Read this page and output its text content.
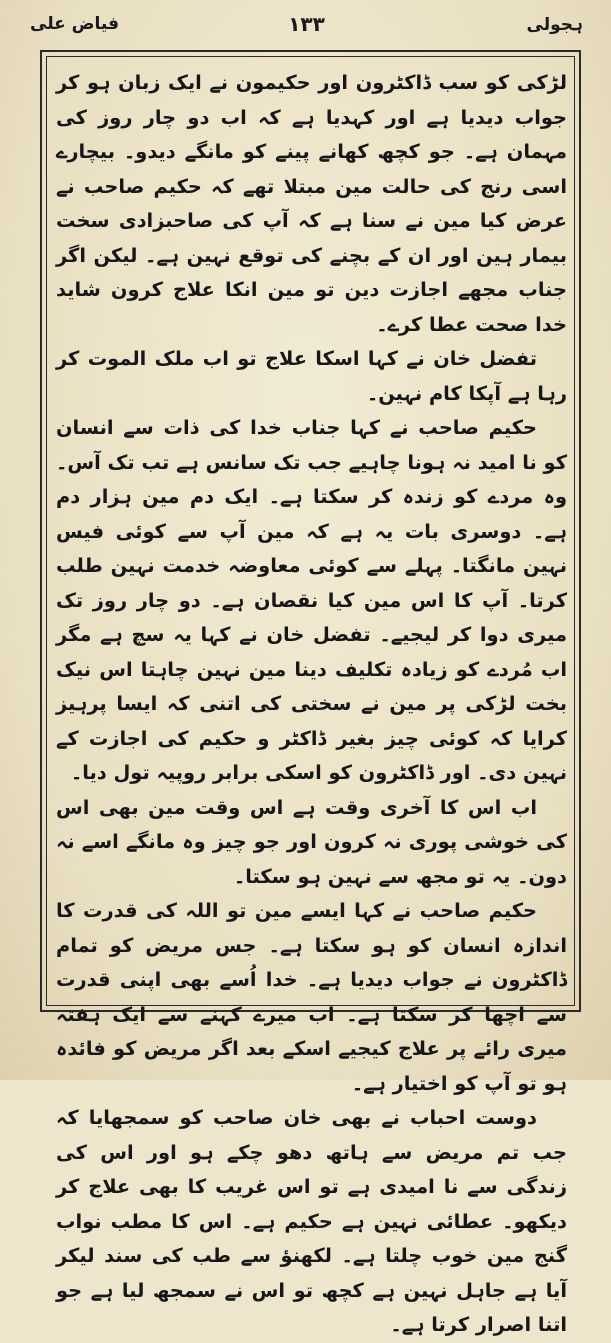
فیاض علی	۱۳۳	ہجولی

لڑکی کو سب ڈاکٹرون اور حکیمون نے ایک زبان ہو کر جواب دیدیا ہے اور کہدیا ہے کہ اب دو چار روز کی مہمان ہے۔ جو کچھ کھانے پینے کو مانگے دیدو۔ بیچارے اسی رنج کی حالت مین مبتلا تھے کہ حکیم صاحب نے عرض کیا مین نے سنا ہے کہ آپ کی صاحبزادی سخت بیمار ہین اور ان کے بچنے کی توقع نہین ہے۔ لیکن اگر جناب مجھے اجازت دین تو مین انکا علاج کرون شاید خدا صحت عطا کرے۔

تفضل خان نے کہا اسکا علاج تو اب ملک الموت کر رہا ہے آپکا کام نہین۔

حکیم صاحب نے کہا جناب خدا کی ذات سے انسان کو نا امید نہ ہونا چاہیے جب تک سانس ہے تب تک آس۔ وہ مردے کو زندہ کر سکتا ہے۔ ایک دم مین ہزار دم ہے۔ دوسری بات یہ ہے کہ مین آپ سے کوئی فیس نہین مانگتا۔ پہلے سے کوئی معاوضہ خدمت نہین طلب کرتا۔ آپ کا اس مین کیا نقصان ہے۔ دو چار روز تک میری دوا کر لیجیے۔ تفضل خان نے کہا یہ سچ ہے مگر اب مُردے کو زیادہ تکلیف دینا مین نہین چاہتا اس نیک بخت لڑکی پر مین نے سختی کی اتنی کہ ایسا پرہیز کرایا کہ کوئی چیز بغیر ڈاکٹر و حکیم کی اجازت کے نہین دی۔ اور ڈاکٹرون کو اسکی برابر روپیہ تول دیا۔

اب اس کا آخری وقت ہے اس وقت مین بھی اس کی خوشی پوری نہ کرون اور جو چیز وہ مانگے اسے نہ دون۔ یہ تو مجھ سے نہین ہو سکتا۔

حکیم صاحب نے کہا ایسے مین تو اللہ کی قدرت کا اندازہ انسان کو ہو سکتا ہے۔ جس مریض کو تمام ڈاکٹرون نے جواب دیدیا ہے۔ خدا اُسے بھی اپنی قدرت سے اچھا کر سکتا ہے۔ اب میرے کہنے سے ایک ہفتہ میری رائے پر علاج کیجیے اسکے بعد اگر مریض کو فائدہ ہو تو آپ کو اختیار ہے۔

دوست احباب نے بھی خان صاحب کو سمجھایا کہ جب تم مریض سے ہاتھ دھو چکے ہو اور اس کی زندگی سے نا امیدی ہے تو اس غریب کا بھی علاج کر دیکھو۔ عطائی نہین ہے حکیم ہے۔ اس کا مطب نواب گنج مین خوب چلتا ہے۔ لکھنؤ سے طب کی سند لیکر آیا ہے جاہل نہین ہے کچھ تو اس نے سمجھ لیا ہے جو اتنا اصرار کرتا ہے۔
